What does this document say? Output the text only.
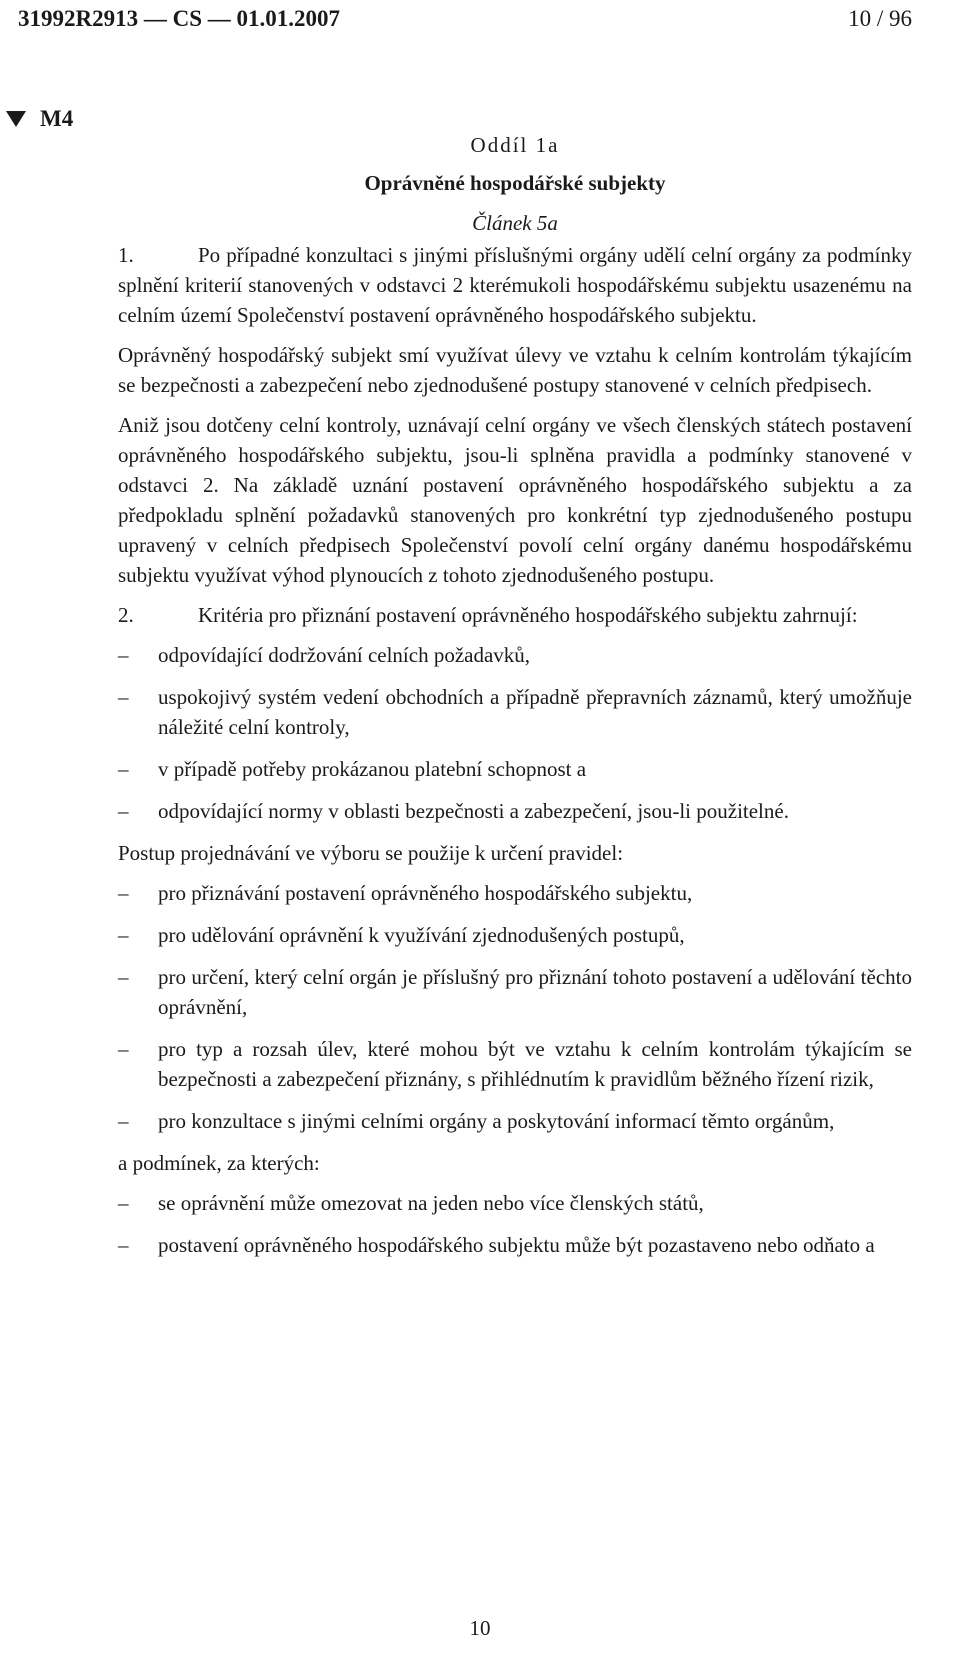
31992R2913 — CS — 01.01.2007	10 / 96
M4
Oddíl 1a
Oprávněné hospodářské subjekty
Článek 5a

1.	Po případné konzultaci s jinými příslušnými orgány udělí celní orgány za podmínky splnění kriterií stanovených v odstavci 2 kterémukoli hospodářskému subjektu usazenému na celním území Společenství postavení oprávněného hospodářského subjektu.

Oprávněný hospodářský subjekt smí využívat úlevy ve vztahu k celním kontrolám týkajícím se bezpečnosti a zabezpečení nebo zjednodušené postupy stanovené v celních předpisech.

Aniž jsou dotčeny celní kontroly, uznávají celní orgány ve všech členských státech postavení oprávněného hospodářského subjektu, jsou-li splněna pravidla a podmínky stanovené v odstavci 2. Na základě uznání postavení oprávněného hospodářského subjektu a za předpokladu splnění požadavků stanovených pro konkrétní typ zjednodušeného postupu upravený v celních předpisech Společenství povolí celní orgány danému hospodářskému subjektu využívat výhod plynoucích z tohoto zjednodušeného postupu.

2.	Kritéria pro přiznání postavení oprávněného hospodářského subjektu zahrnují:

– odpovídající dodržování celních požadavků,
– uspokojivý systém vedení obchodních a případně přepravních záznamů, který umožňuje náležité celní kontroly,
– v případě potřeby prokázanou platební schopnost a
– odpovídající normy v oblasti bezpečnosti a zabezpečení, jsou-li použitelné.

Postup projednávání ve výboru se použije k určení pravidel:

– pro přiznávání postavení oprávněného hospodářského subjektu,
– pro udělování oprávnění k využívání zjednodušených postupů,
– pro určení, který celní orgán je příslušný pro přiznání tohoto postavení a udělování těchto oprávnění,
– pro typ a rozsah úlev, které mohou být ve vztahu k celním kontrolám týkajícím se bezpečnosti a zabezpečení přiznány, s přihlédnutím k pravidlům běžného řízení rizik,
– pro konzultace s jinými celními orgány a poskytování informací těmto orgánům,

a podmínek, za kterých:

– se oprávnění může omezovat na jeden nebo více členských států,
– postavení oprávněného hospodářského subjektu může být pozastaveno nebo odňato a
10
